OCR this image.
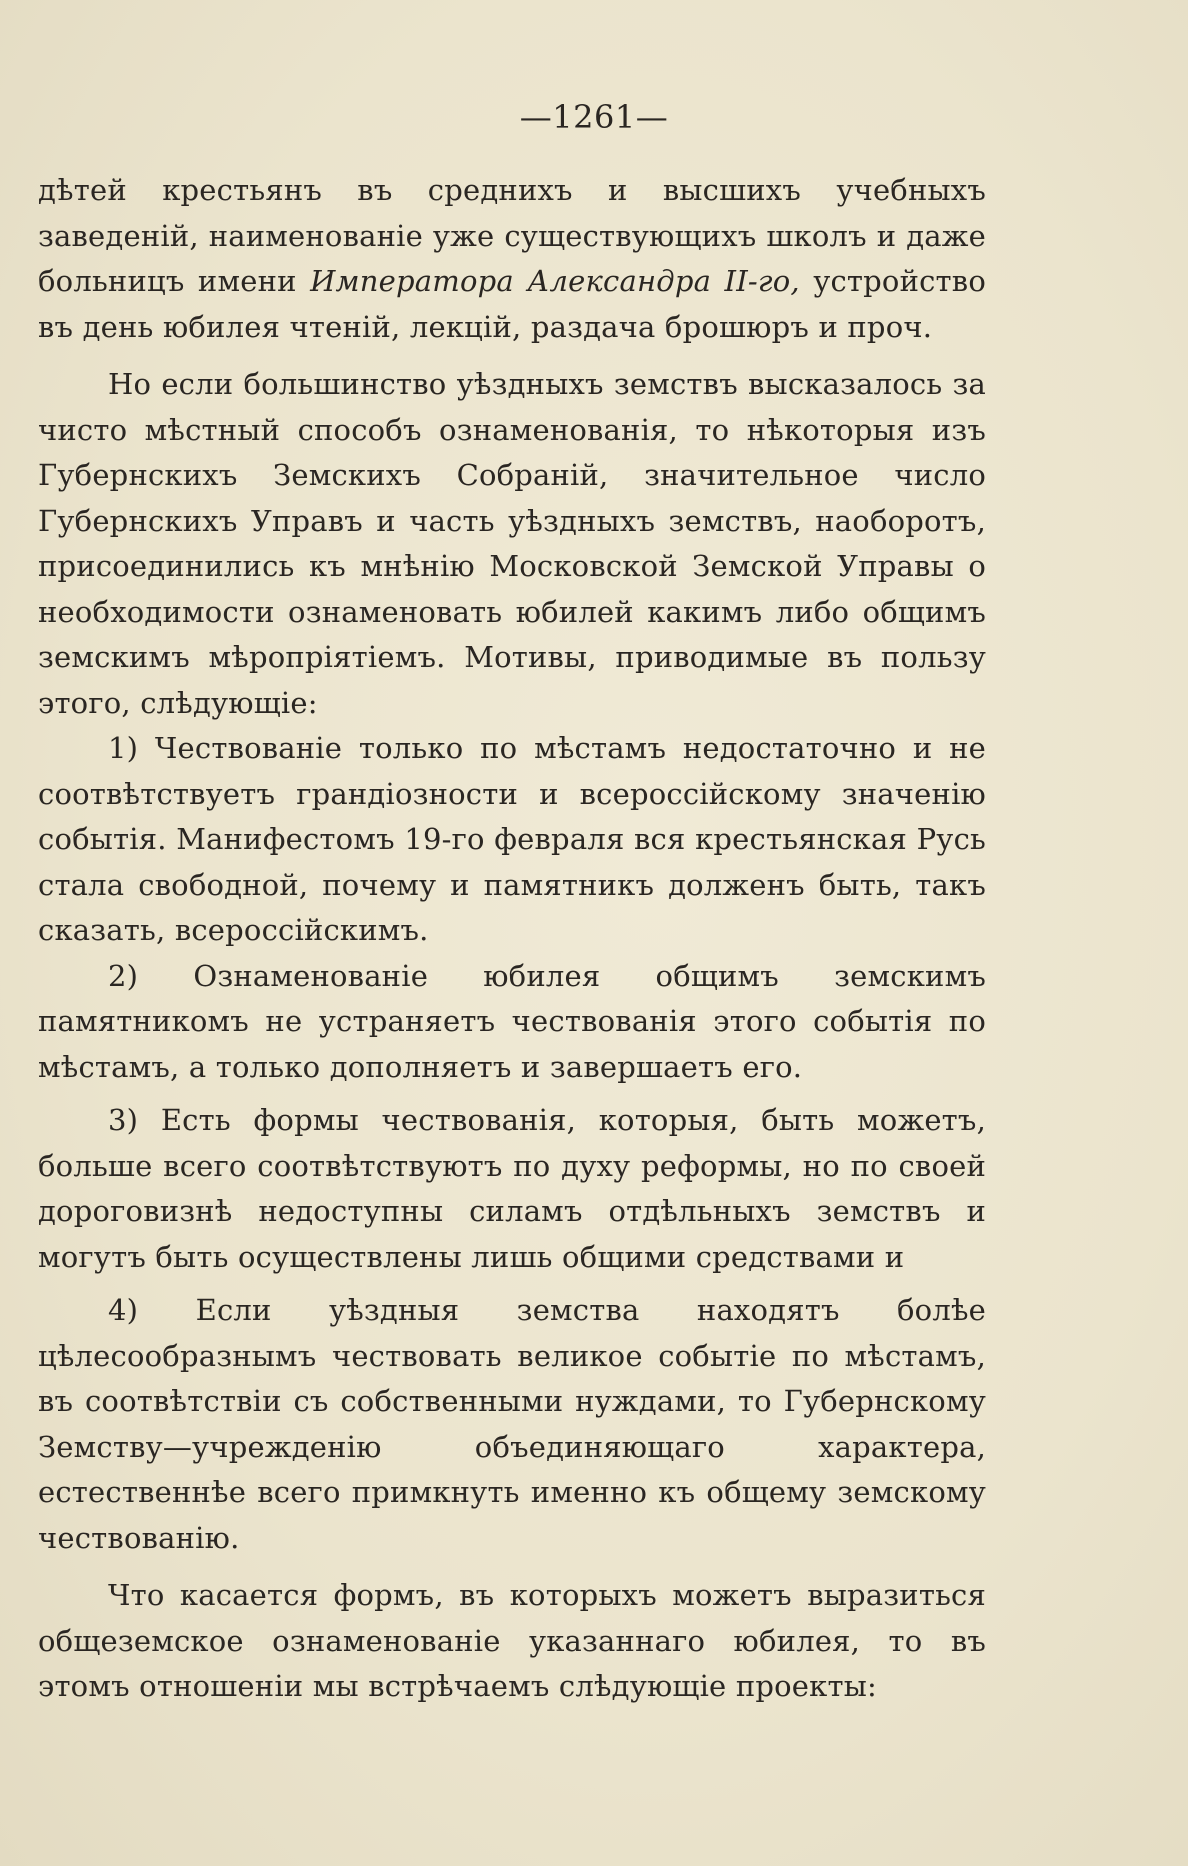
—1261—

дѣтей крестьянъ въ среднихъ и высшихъ учебныхъ заведеній, наименованіе уже существующихъ школъ и даже больницъ имени Императора Александра II-го, устройство въ день юбилея чтеній, лекцій, раздача брошюръ и проч.

Но если большинство уѣздныхъ земствъ высказалось за чисто мѣстный способъ ознаменованія, то нѣкоторыя изъ Губернскихъ Земскихъ Собраній, значительное число Губернскихъ Управъ и часть уѣздныхъ земствъ, наоборотъ, присоединились къ мнѣнію Московской Земской Управы о необходимости ознаменовать юбилей какимъ либо общимъ земскимъ мѣропріятіемъ. Мотивы, приводимые въ пользу этого, слѣдующіе:

1) Чествованіе только по мѣстамъ недостаточно и не соотвѣтствуетъ грандіозности и всероссійскому значенію событія. Манифестомъ 19-го февраля вся крестьянская Русь стала свободной, почему и памятникъ долженъ быть, такъ сказать, всероссійскимъ.

2) Ознаменованіе юбилея общимъ земскимъ памятникомъ не устраняетъ чествованія этого событія по мѣстамъ, а только дополняетъ и завершаетъ его.

3) Есть формы чествованія, которыя, быть можетъ, больше всего соотвѣтствуютъ по духу реформы, но по своей дороговизнѣ недоступны силамъ отдѣльныхъ земствъ и могутъ быть осуществлены лишь общими средствами и

4) Если уѣздныя земства находятъ болѣе цѣлесообразнымъ чествовать великое событіе по мѣстамъ, въ соотвѣтствіи съ собственными нуждами, то Губернскому Земству—учрежденію объединяющаго характера, естественнѣе всего примкнуть именно къ общему земскому чествованію.

Что касается формъ, въ которыхъ можетъ выразиться общеземское ознаменованіе указаннаго юбилея, то въ этомъ отношеніи мы встрѣчаемъ слѣдующіе проекты:
